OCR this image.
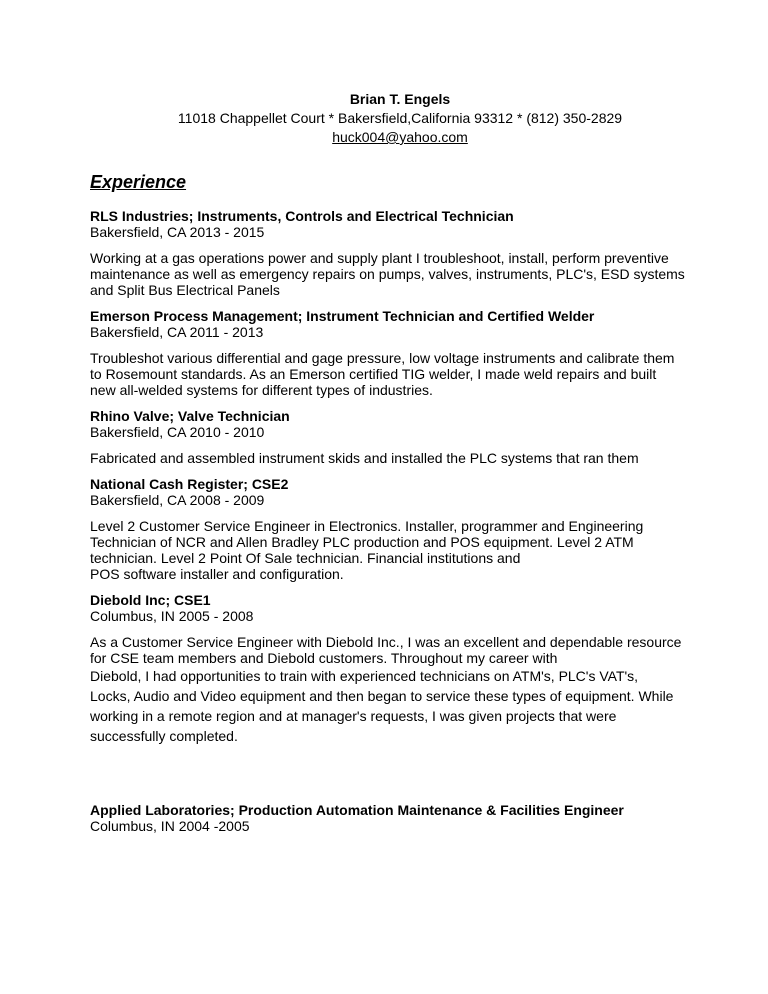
Brian T. Engels
11018 Chappellet Court * Bakersfield,California 93312 * (812) 350-2829
huck004@yahoo.com
Experience

RLS Industries; Instruments, Controls and Electrical Technician

Bakersfield, CA 2013 - 2015

Working at a gas operations power and supply plant I troubleshoot, install, perform preventive
maintenance as well as emergency repairs on pumps, valves, instruments, PLC's, ESD systems
and Split Bus Electrical Panels

Emerson Process Management; Instrument Technician and Certified Welder

Bakersfield, CA 2011 - 2013

Troubleshot various differential and gage pressure, low voltage instruments and calibrate them
to Rosemount standards. As an Emerson certified TIG welder, I made weld repairs and built
new all-welded systems for different types of industries.

Rhino Valve; Valve Technician

Bakersfield, CA 2010 - 2010

Fabricated and assembled instrument skids and installed the PLC systems that ran them

National Cash Register; CSE2

Bakersfield, CA 2008 - 2009

Level 2 Customer Service Engineer in Electronics. Installer, programmer and Engineering
Technician of NCR and Allen Bradley PLC production and POS equipment. Level 2 ATM
technician. Level 2 Point Of Sale technician. Financial institutions and
POS software installer and configuration.

Diebold Inc; CSE1

Columbus, IN 2005 - 2008

As a Customer Service Engineer with Diebold Inc., I was an excellent and dependable resource
for CSE team members and Diebold customers. Throughout my career with

Diebold, I had opportunities to train with experienced technicians on ATM's, PLC's VAT's,
Locks, Audio and Video equipment and then began to service these types of equipment. While
working in a remote region and at manager's requests, I was given projects that were
successfully completed.

Applied Laboratories; Production Automation Maintenance & Facilities Engineer

Columbus, IN 2004 -2005
